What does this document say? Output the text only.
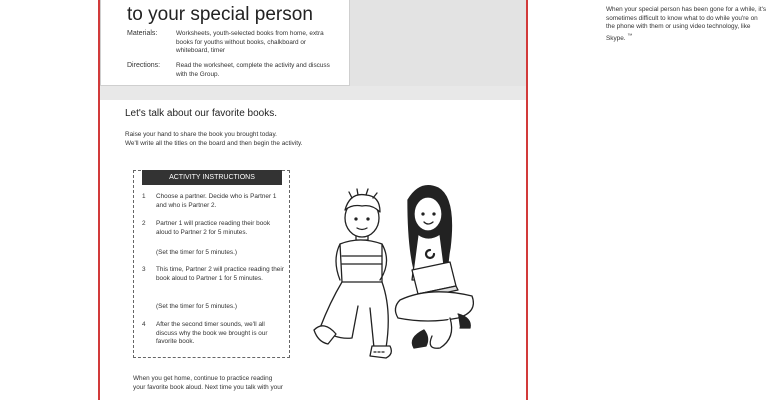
to your special person
Materials:	Worksheets, youth-selected books from home, extra books for youths without books, chalkboard or whiteboard, timer
Directions: Read the worksheet, complete the activity and discuss with the Group.
When your special person has been gone for a while, it's sometimes difficult to know what to do while you're on the phone with them or using video technology, like Skype. ™
Let's talk about our favorite books.

Raise your hand to share the book you brought today.

We'll write all the titles on the board and then begin the activity.

ACTIVITY INSTRUCTIONS
1	Choose a partner. Decide who is Partner 1 and who is Partner 2.
2	Partner 1 will practice reading their book aloud to Partner 2 for 5 minutes.
(Set the timer for 5 minutes.)
3	This time, Partner 2 will practice reading their book aloud to Partner 1 for 5 minutes.
(Set the timer for 5 minutes.)
4	After the second timer sounds, we'll all discuss why the book we brought is our favorite book.
When you get home, continue to practice reading
your favorite book aloud. Next time you talk with your
